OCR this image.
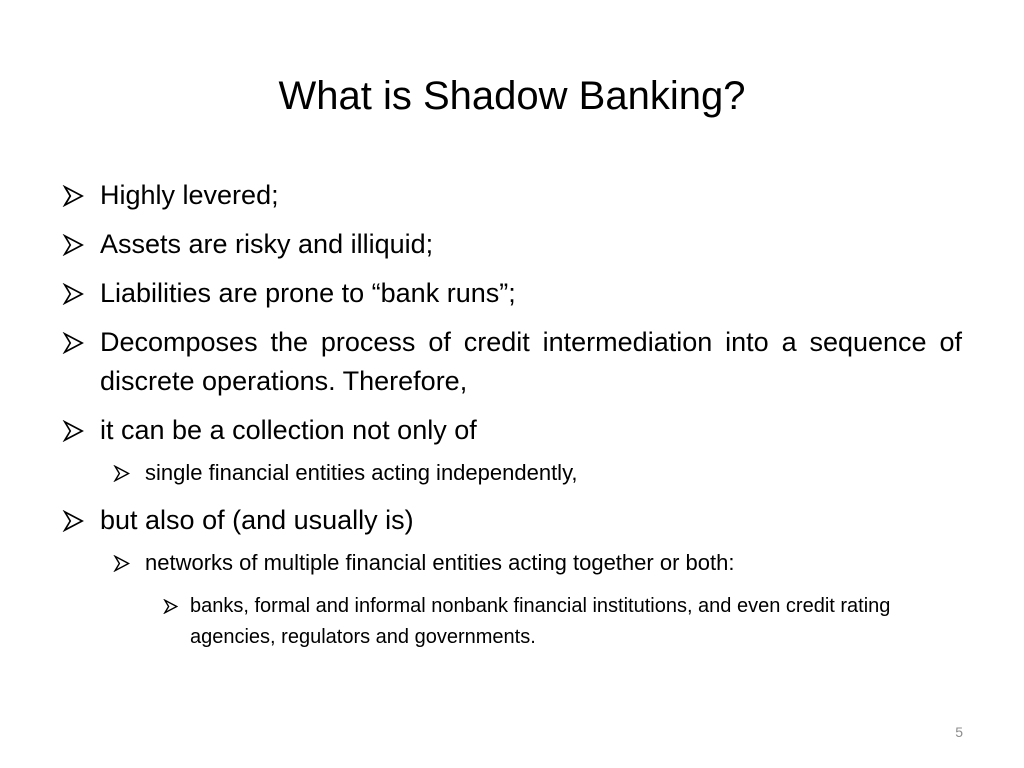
What is Shadow Banking?
Highly levered;
Assets are risky and illiquid;
Liabilities are prone to “bank runs”;
Decomposes the process of credit intermediation into a sequence of discrete operations. Therefore,
it can be a collection not only of
single financial entities acting independently,
but also of (and usually is)
networks of multiple financial entities acting together or both:
banks, formal and informal nonbank financial institutions, and even credit rating agencies, regulators and governments.
5
